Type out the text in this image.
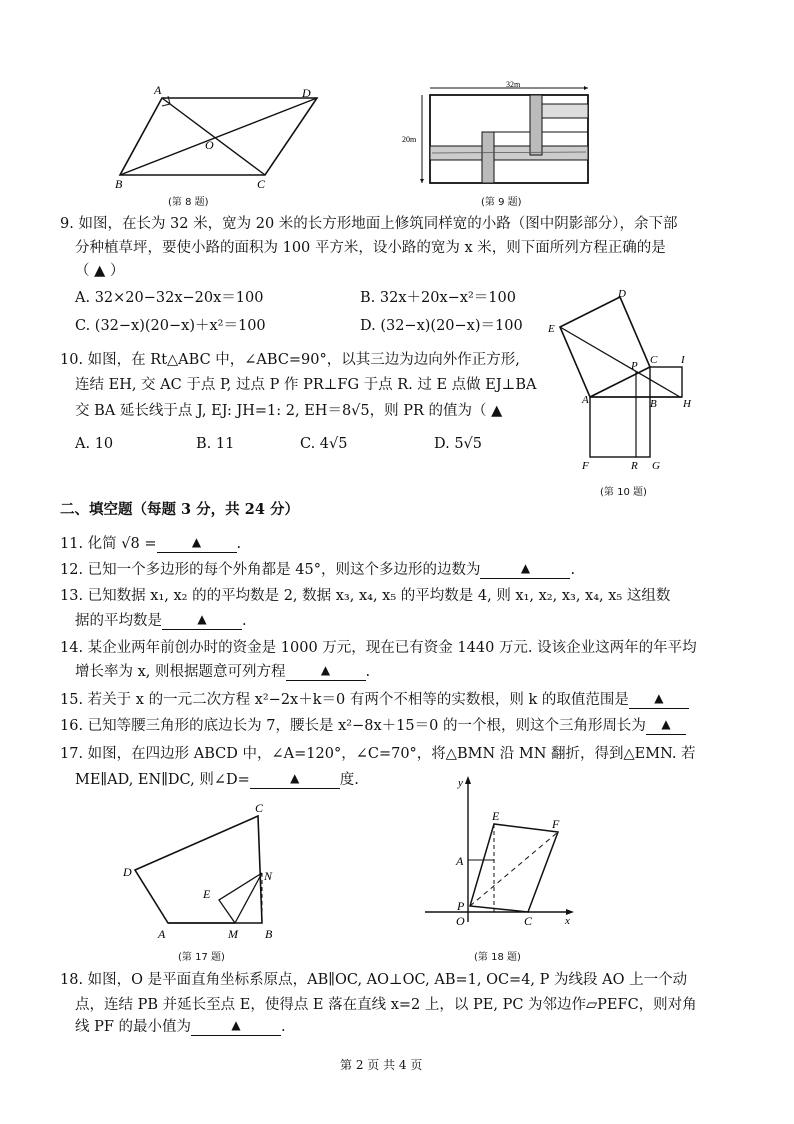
A	D
B	C
O
(第 8 题)
32m
20m
(第 9 题)
9. 如图，在长为 32 米，宽为 20 米的长方形地面上修筑同样宽的小路（图中阴影部分），余下部
分种植草坪，要使小路的面积为 100 平方米，设小路的宽为 x 米，则下面所列方程正确的是
（ ▲ ）
A. 32×20−32x−20x＝100	B. 32x＋20x−x²＝100
C. (32−x)(20−x)＋x²＝100	D. (32−x)(20−x)＝100
D
E
P C I
A	B H
F	R G
(第 10 题)
10. 如图，在 Rt△ABC 中，∠ABC=90°，以其三边为边向外作正方形,
连结 EH, 交 AC 于点 P, 过点 P 作 PR⊥FG 于点 R. 过 E 点做 EJ⊥BA
交 BA 延长线于点 J, EJ: JH=1: 2, EH＝8√5，则 PR 的值为（ ▲
A. 10	B. 11	C. 4√5	D. 5√5
二、填空题（每题 3 分，共 24 分）
11. 化简 √8 =	▲ .
12. 已知一个多边形的每个外角都是 45°，则这个多边形的边数为	▲	.
13. 已知数据 x₁, x₂ 的的平均数是 2, 数据 x₃, x₄, x₅ 的平均数是 4, 则 x₁, x₂, x₃, x₄, x₅ 这组数
据的平均数是	▲ .
14. 某企业两年前创办时的资金是 1000 万元，现在已有资金 1440 万元. 设该企业这两年的年平均
增长率为 x, 则根据题意可列方程	▲ .
15. 若关于 x 的一元二次方程 x²−2x＋k＝0 有两个不相等的实数根，则 k 的取值范围是 ▲
16. 已知等腰三角形的底边长为 7，腰长是 x²−8x＋15＝0 的一个根，则这个三角形周长为 ▲
17. 如图，在四边形 ABCD 中，∠A=120°，∠C=70°，将△BMN 沿 MN 翻折，得到△EMN. 若
ME∥AD, EN∥DC, 则∠D=	▲	度.
C
D
E
N
A	M B
(第 17 题)
y
x
E
F
A
P
O	C
(第 18 题)
18. 如图，O 是平面直角坐标系原点，AB∥OC, AO⊥OC, AB=1, OC=4, P 为线段 AO 上一个动
点，连结 PB 并延长至点 E，使得点 E 落在直线 x=2 上，以 PE, PC 为邻边作▱PEFC，则对角
线 PF 的最小值为	▲	.
第 2 页 共 4 页
